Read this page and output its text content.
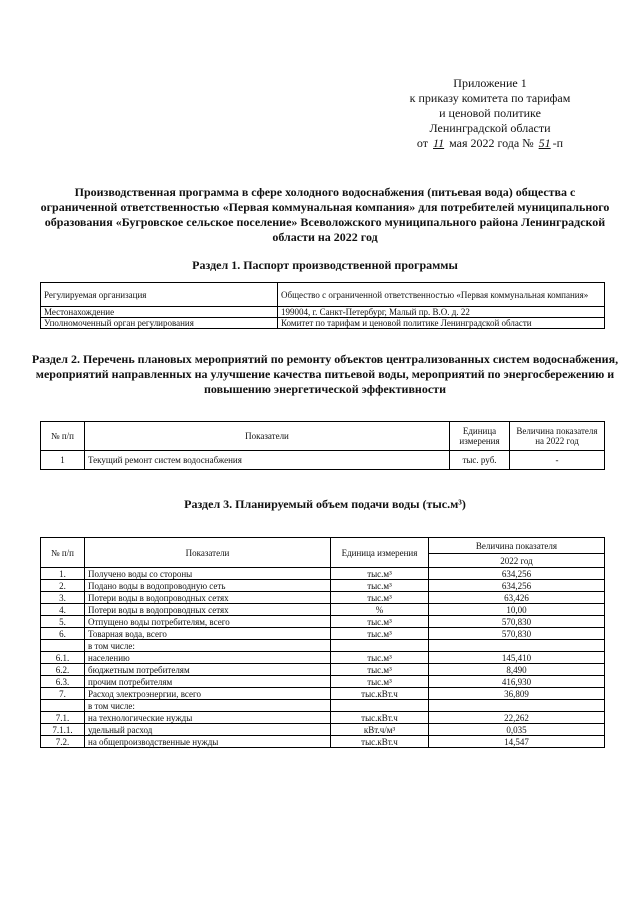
Приложение 1
к приказу комитета по тарифам
и ценовой политике
Ленинградской области
от 11 мая 2022 года № 51 -п
Производственная программа в сфере холодного водоснабжения (питьевая вода) общества с ограниченной ответственностью «Первая коммунальная компания» для потребителей муниципального образования «Бугровское сельское поселение» Всеволожского муниципального района Ленинградской области на 2022 год
Раздел 1. Паспорт производственной программы
Регулируемая организация	Общество с ограниченной ответственностью «Первая коммунальная компания»
Местонахождение	199004, г. Санкт-Петербург, Малый пр. В.О. д. 22
Уполномоченный орган регулирования	Комитет по тарифам и ценовой политике Ленинградской области
Раздел 2. Перечень плановых мероприятий по ремонту объектов централизованных систем водоснабжения, мероприятий направленных на улучшение качества питьевой воды, мероприятий по энергосбережению и повышению энергетической эффективности
№ п/п	Показатели	Единица измерения	Величина показателя на 2022 год
1	Текущий ремонт систем водоснабжения	тыс. руб.	-
Раздел 3. Планируемый объем подачи воды (тыс.м³)
№ п/п	Показатели	Единица измерения	Величина показателя
			2022 год
1.	Получено воды со стороны	тыс.м³	634,256
2.	Подано воды в водопроводную сеть	тыс.м³	634,256
3.	Потери воды в водопроводных сетях	тыс.м³	63,426
4.	Потери воды в водопроводных сетях	%	10,00
5.	Отпущено воды потребителям, всего	тыс.м³	570,830
6.	Товарная вода, всего	тыс.м³	570,830
	в том числе:		
6.1.	населению	тыс.м³	145,410
6.2.	бюджетным потребителям	тыс.м³	8,490
6.3.	прочим потребителям	тыс.м³	416,930
7.	Расход электроэнергии, всего	тыс.кВт.ч	36,809
	в том числе:		
7.1.	на технологические нужды	тыс.кВт.ч	22,262
7.1.1.	удельный расход	кВт.ч/м³	0,035
7.2.	на общепроизводственные нужды	тыс.кВт.ч	14,547
